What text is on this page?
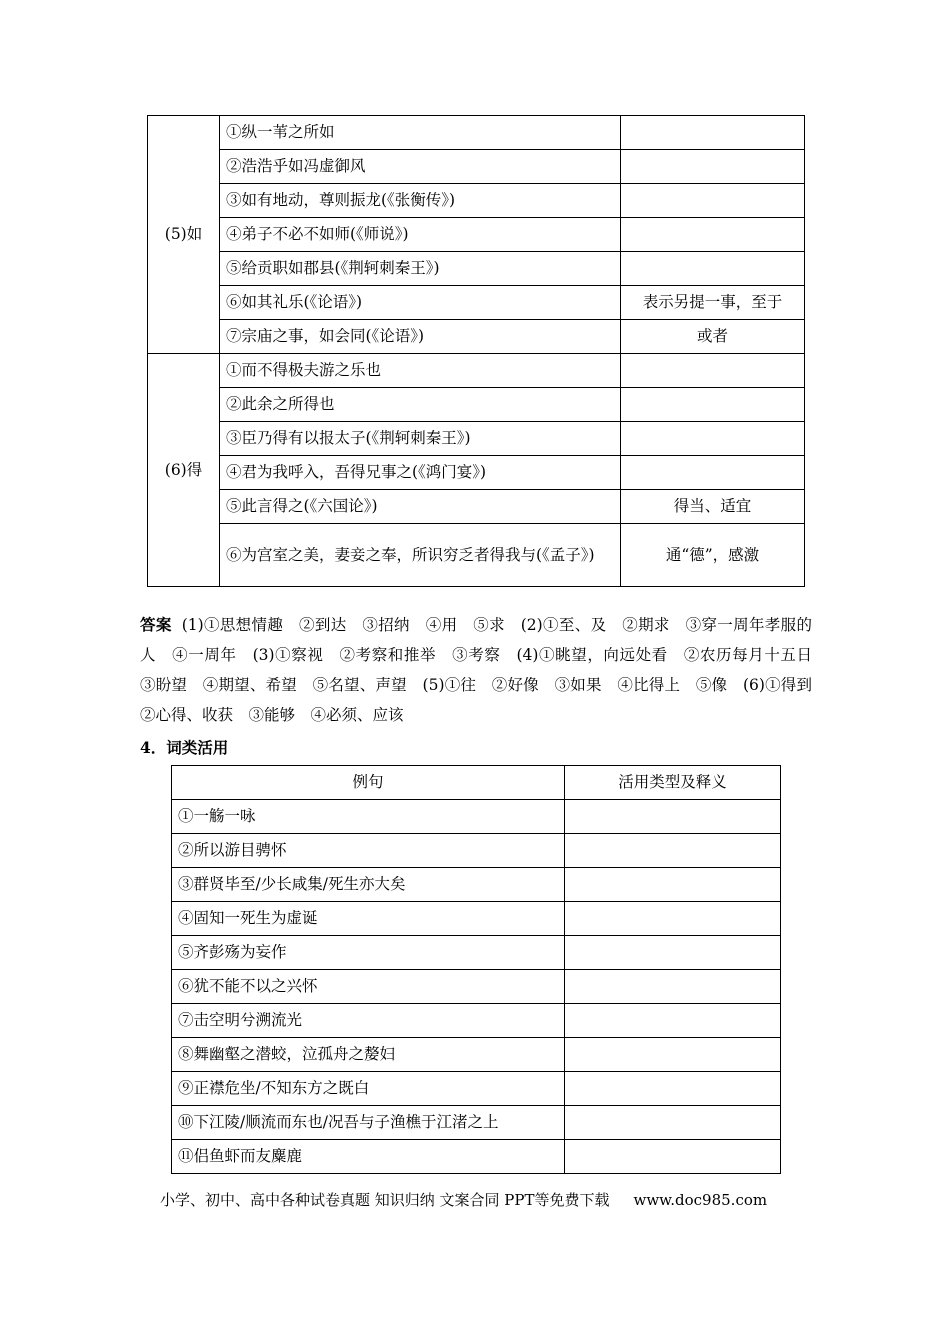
(5)如	①纵一苇之所如	
	②浩浩乎如冯虚御风	
	③如有地动，尊则振龙(《张衡传》)	
	④弟子不必不如师(《师说》)	
	⑤给贡职如郡县(《荆轲刺秦王》)	
	⑥如其礼乐(《论语》)	表示另提一事，至于
	⑦宗庙之事，如会同(《论语》)	或者
(6)得	①而不得极夫游之乐也	
	②此余之所得也	
	③臣乃得有以报太子(《荆轲刺秦王》)	
	④君为我呼入，吾得兄事之(《鸿门宴》)	
	⑤此言得之(《六国论》)	得当、适宜
	⑥为宫室之美，妻妾之奉，所识穷乏者得我与(《孟子》)	通“德”，感激
答案 (1)①思想情趣　②到达　③招纳　④用　⑤求　(2)①至、及　②期求　③穿一周年孝服的人　④一周年　(3)①察视　②考察和推举　③考察　(4)①眺望，向远处看　②农历每月十五日　③盼望　④期望、希望　⑤名望、声望　(5)①往　②好像　③如果　④比得上　⑤像　(6)①得到　②心得、收获　③能够　④必须、应该
4．词类活用
例句	活用类型及释义
①一觞一咏	
②所以游目骋怀	
③群贤毕至/少长咸集/死生亦大矣	
④固知一死生为虚诞	
⑤齐彭殇为妄作	
⑥犹不能不以之兴怀	
⑦击空明兮溯流光	
⑧舞幽壑之潜蛟，泣孤舟之嫠妇	
⑨正襟危坐/不知东方之既白	
⑩下江陵/顺流而东也/况吾与子渔樵于江渚之上	
⑪侣鱼虾而友麋鹿	
小学、初中、高中各种试卷真题 知识归纳 文案合同 PPT等免费下载 www.doc985.com
